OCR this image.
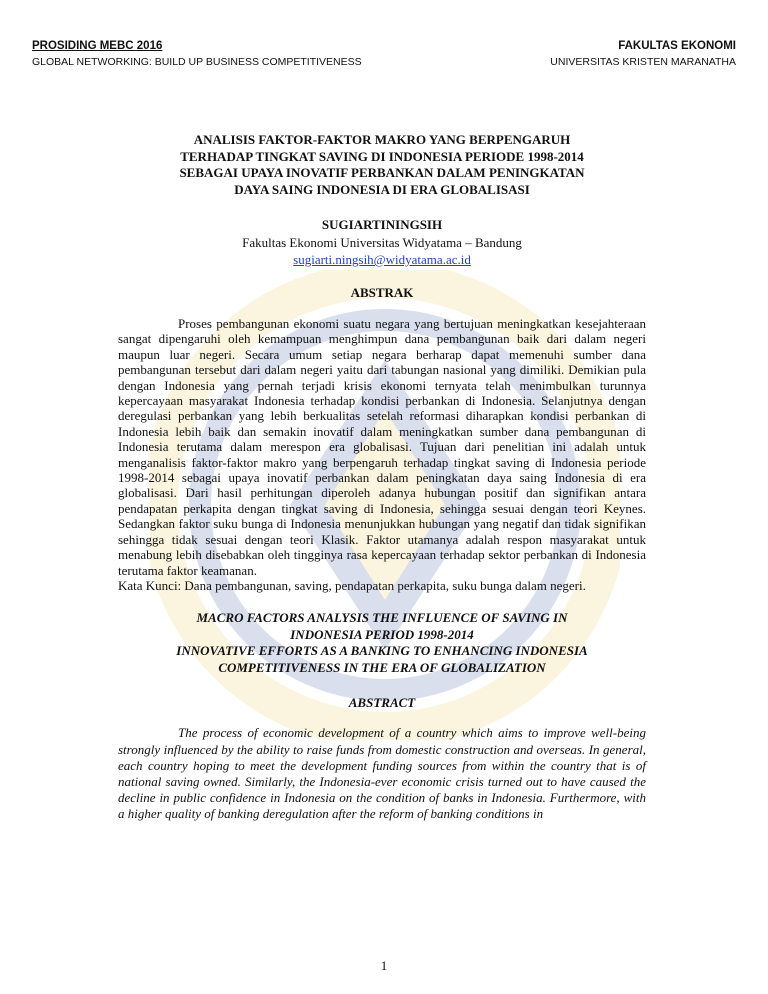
PROSIDING MEBC 2016
GLOBAL NETWORKING: BUILD UP BUSINESS COMPETITIVENESS
FAKULTAS EKONOMI
UNIVERSITAS KRISTEN MARANATHA
ANALISIS FAKTOR-FAKTOR MAKRO YANG BERPENGARUH
TERHADAP TINGKAT SAVING DI INDONESIA PERIODE 1998-2014
SEBAGAI UPAYA INOVATIF PERBANKAN DALAM PENINGKATAN
DAYA SAING INDONESIA DI ERA GLOBALISASI
SUGIARTININGSIH
Fakultas Ekonomi Universitas Widyatama – Bandung
sugiarti.ningsih@widyatama.ac.id
ABSTRAK

Proses pembangunan ekonomi suatu negara yang bertujuan meningkatkan kesejahteraan sangat dipengaruhi oleh kemampuan menghimpun dana pembangunan baik dari dalam negeri maupun luar negeri. Secara umum setiap negara berharap dapat memenuhi sumber dana pembangunan tersebut dari dalam negeri yaitu dari tabungan nasional yang dimiliki. Demikian pula dengan Indonesia yang pernah terjadi krisis ekonomi ternyata telah menimbulkan turunnya kepercayaan masyarakat Indonesia terhadap kondisi perbankan di Indonesia. Selanjutnya dengan deregulasi perbankan yang lebih berkualitas setelah reformasi diharapkan kondisi perbankan di Indonesia lebih baik dan semakin inovatif dalam meningkatkan sumber dana pembangunan di Indonesia terutama dalam merespon era globalisasi. Tujuan dari penelitian ini adalah untuk menganalisis faktor-faktor makro yang berpengaruh terhadap tingkat saving di Indonesia periode 1998-2014 sebagai upaya inovatif perbankan dalam peningkatan daya saing Indonesia di era globalisasi. Dari hasil perhitungan diperoleh adanya hubungan positif dan signifikan antara pendapatan perkapita dengan tingkat saving di Indonesia, sehingga sesuai dengan teori Keynes. Sedangkan faktor suku bunga di Indonesia menunjukkan hubungan yang negatif dan tidak signifikan sehingga tidak sesuai dengan teori Klasik. Faktor utamanya adalah respon masyarakat untuk menabung lebih disebabkan oleh tingginya rasa kepercayaan terhadap sektor perbankan di Indonesia terutama faktor keamanan.

Kata Kunci: Dana pembangunan, saving, pendapatan perkapita, suku bunga dalam negeri.

MACRO FACTORS ANALYSIS THE INFLUENCE OF SAVING IN
INDONESIA PERIOD 1998-2014
INNOVATIVE EFFORTS AS A BANKING TO ENHANCING INDONESIA
COMPETITIVENESS IN THE ERA OF GLOBALIZATION
ABSTRACT

The process of economic development of a country which aims to improve well-being strongly influenced by the ability to raise funds from domestic construction and overseas. In general, each country hoping to meet the development funding sources from within the country that is of national saving owned. Similarly, the Indonesia-ever economic crisis turned out to have caused the decline in public confidence in Indonesia on the condition of banks in Indonesia. Furthermore, with a higher quality of banking deregulation after the reform of banking conditions in

1
